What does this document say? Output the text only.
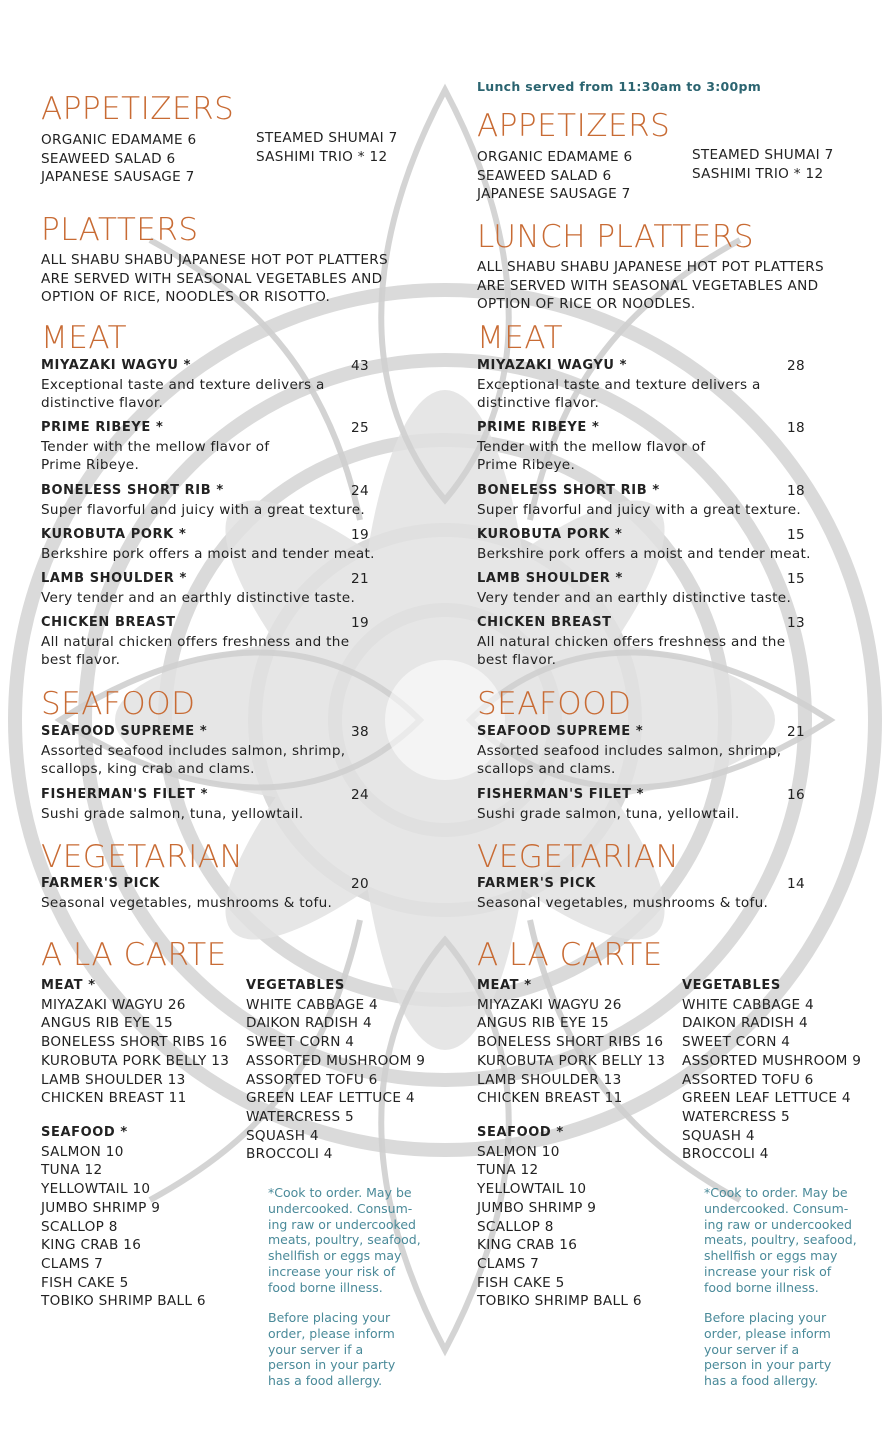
APPETIZERS
ORGANIC EDAMAME 6
SEAWEED SALAD 6
JAPANESE SAUSAGE 7
STEAMED SHUMAI 7
SASHIMI TRIO * 12
PLATTERS
ALL SHABU SHABU JAPANESE HOT POT PLATTERS
ARE SERVED WITH SEASONAL VEGETABLES AND
OPTION OF RICE, NOODLES OR RISOTTO.
MEAT
MIYAZAKI WAGYU *	43
Exceptional taste and texture delivers a
distinctive flavor.
PRIME RIBEYE *	25
Tender with the mellow flavor of
Prime Ribeye.
BONELESS SHORT RIB *	24
Super flavorful and juicy with a great texture.
KUROBUTA PORK *	19
Berkshire pork offers a moist and tender meat.
LAMB SHOULDER *	21
Very tender and an earthly distinctive taste.
CHICKEN BREAST	19
All natural chicken offers freshness and the
best flavor.
SEAFOOD
SEAFOOD SUPREME *	38
Assorted seafood includes salmon, shrimp,
scallops, king crab and clams.
FISHERMAN'S FILET *	24
Sushi grade salmon, tuna, yellowtail.
VEGETARIAN
FARMER'S PICK	20
Seasonal vegetables, mushrooms & tofu.
A LA CARTE
MEAT *
MIYAZAKI WAGYU 26
ANGUS RIB EYE 15
BONELESS SHORT RIBS 16
KUROBUTA PORK BELLY 13
LAMB SHOULDER 13
CHICKEN BREAST 11
SEAFOOD *
SALMON 10
TUNA 12
YELLOWTAIL 10
JUMBO SHRIMP 9
SCALLOP 8
KING CRAB 16
CLAMS 7
FISH CAKE 5
TOBIKO SHRIMP BALL 6
VEGETABLES
WHITE CABBAGE 4
DAIKON RADISH 4
SWEET CORN 4
ASSORTED MUSHROOM 9
ASSORTED TOFU 6
GREEN LEAF LETTUCE 4
WATERCRESS 5
SQUASH 4
BROCCOLI 4
*Cook to order. May be
undercooked. Consum-
ing raw or undercooked
meats, poultry, seafood,
shellfish or eggs may
increase your risk of
food borne illness.
Before placing your
order, please inform
your server if a
person in your party
has a food allergy.
Lunch served from 11:30am to 3:00pm
APPETIZERS
ORGANIC EDAMAME 6
SEAWEED SALAD 6
JAPANESE SAUSAGE 7
STEAMED SHUMAI 7
SASHIMI TRIO * 12
LUNCH PLATTERS
ALL SHABU SHABU JAPANESE HOT POT PLATTERS
ARE SERVED WITH SEASONAL VEGETABLES AND
OPTION OF RICE OR NOODLES.
MEAT
MIYAZAKI WAGYU *	28
Exceptional taste and texture delivers a
distinctive flavor.
PRIME RIBEYE *	18
Tender with the mellow flavor of
Prime Ribeye.
BONELESS SHORT RIB *	18
Super flavorful and juicy with a great texture.
KUROBUTA PORK *	15
Berkshire pork offers a moist and tender meat.
LAMB SHOULDER *	15
Very tender and an earthly distinctive taste.
CHICKEN BREAST	13
All natural chicken offers freshness and the
best flavor.
SEAFOOD
SEAFOOD SUPREME *	21
Assorted seafood includes salmon, shrimp,
scallops and clams.
FISHERMAN'S FILET *	16
Sushi grade salmon, tuna, yellowtail.
VEGETARIAN
FARMER'S PICK	14
Seasonal vegetables, mushrooms & tofu.
A LA CARTE
MEAT *
MIYAZAKI WAGYU 26
ANGUS RIB EYE 15
BONELESS SHORT RIBS 16
KUROBUTA PORK BELLY 13
LAMB SHOULDER 13
CHICKEN BREAST 11
SEAFOOD *
SALMON 10
TUNA 12
YELLOWTAIL 10
JUMBO SHRIMP 9
SCALLOP 8
KING CRAB 16
CLAMS 7
FISH CAKE 5
TOBIKO SHRIMP BALL 6
VEGETABLES
WHITE CABBAGE 4
DAIKON RADISH 4
SWEET CORN 4
ASSORTED MUSHROOM 9
ASSORTED TOFU 6
GREEN LEAF LETTUCE 4
WATERCRESS 5
SQUASH 4
BROCCOLI 4
*Cook to order. May be
undercooked. Consum-
ing raw or undercooked
meats, poultry, seafood,
shellfish or eggs may
increase your risk of
food borne illness.
Before placing your
order, please inform
your server if a
person in your party
has a food allergy.
